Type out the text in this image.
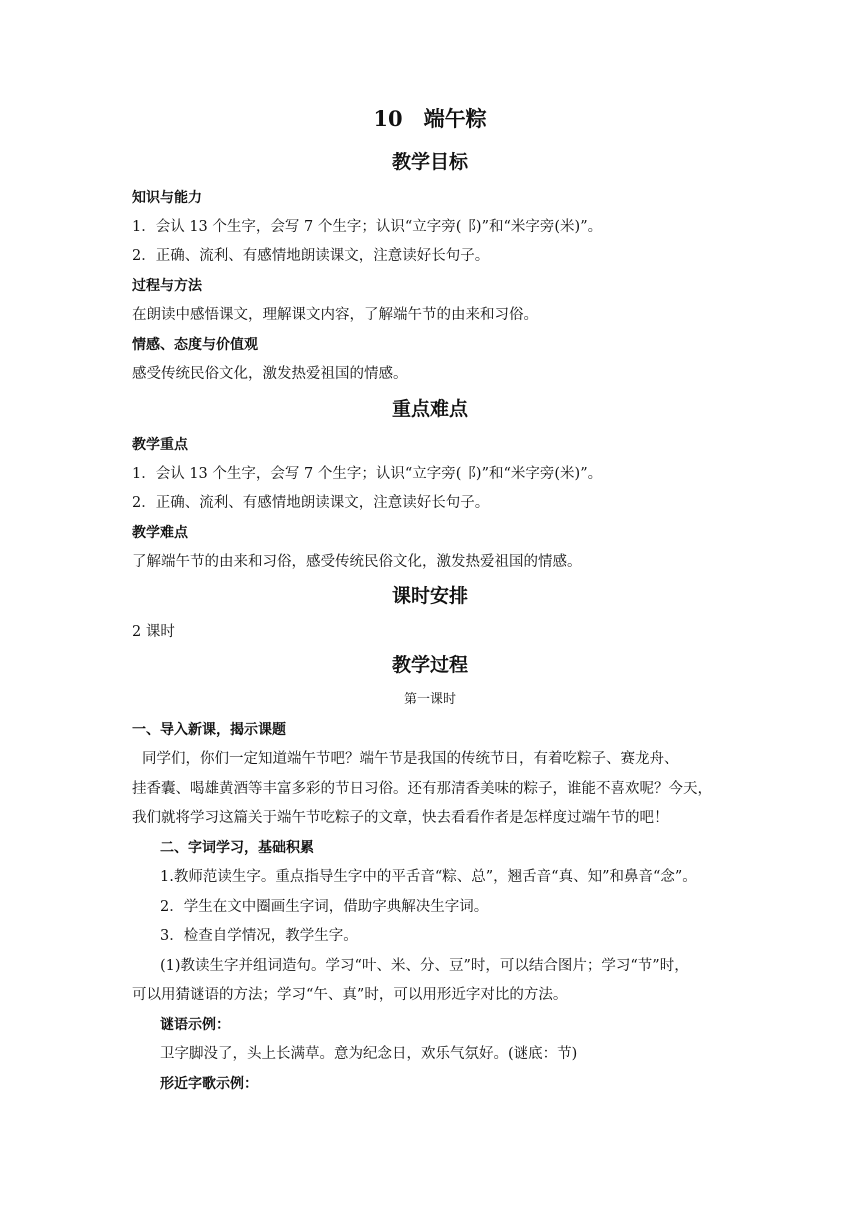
10　端午粽
教学目标

知识与能力

1．会认 13 个生字，会写 7 个生字；认识“立字旁(⻏)”和“米字旁(米)”。

2．正确、流利、有感情地朗读课文，注意读好长句子。

过程与方法

在朗读中感悟课文，理解课文内容，了解端午节的由来和习俗。

情感、态度与价值观

感受传统民俗文化，激发热爱祖国的情感。

重点难点

教学重点

1．会认 13 个生字，会写 7 个生字；认识“立字旁(⻏)”和“米字旁(米)”。

2．正确、流利、有感情地朗读课文，注意读好长句子。

教学难点

了解端午节的由来和习俗，感受传统民俗文化，激发热爱祖国的情感。

课时安排

2 课时

教学过程

第一课时

一、导入新课，揭示课题

同学们，你们一定知道端午节吧？端午节是我国的传统节日，有着吃粽子、赛龙舟、

挂香囊、喝雄黄酒等丰富多彩的节日习俗。还有那清香美味的粽子，谁能不喜欢呢？今天，

我们就将学习这篇关于端午节吃粽子的文章，快去看看作者是怎样度过端午节的吧！

二、字词学习，基础积累

1.教师范读生字。重点指导生字中的平舌音“粽、总”，翘舌音“真、知”和鼻音“念”。

2．学生在文中圈画生字词，借助字典解决生字词。

3．检查自学情况，教学生字。

(1)教读生字并组词造句。学习“叶、米、分、豆”时，可以结合图片；学习“节”时，

可以用猜谜语的方法；学习“午、真”时，可以用形近字对比的方法。

谜语示例：

卫字脚没了，头上长满草。意为纪念日，欢乐气氛好。(谜底：节)

形近字歌示例：
